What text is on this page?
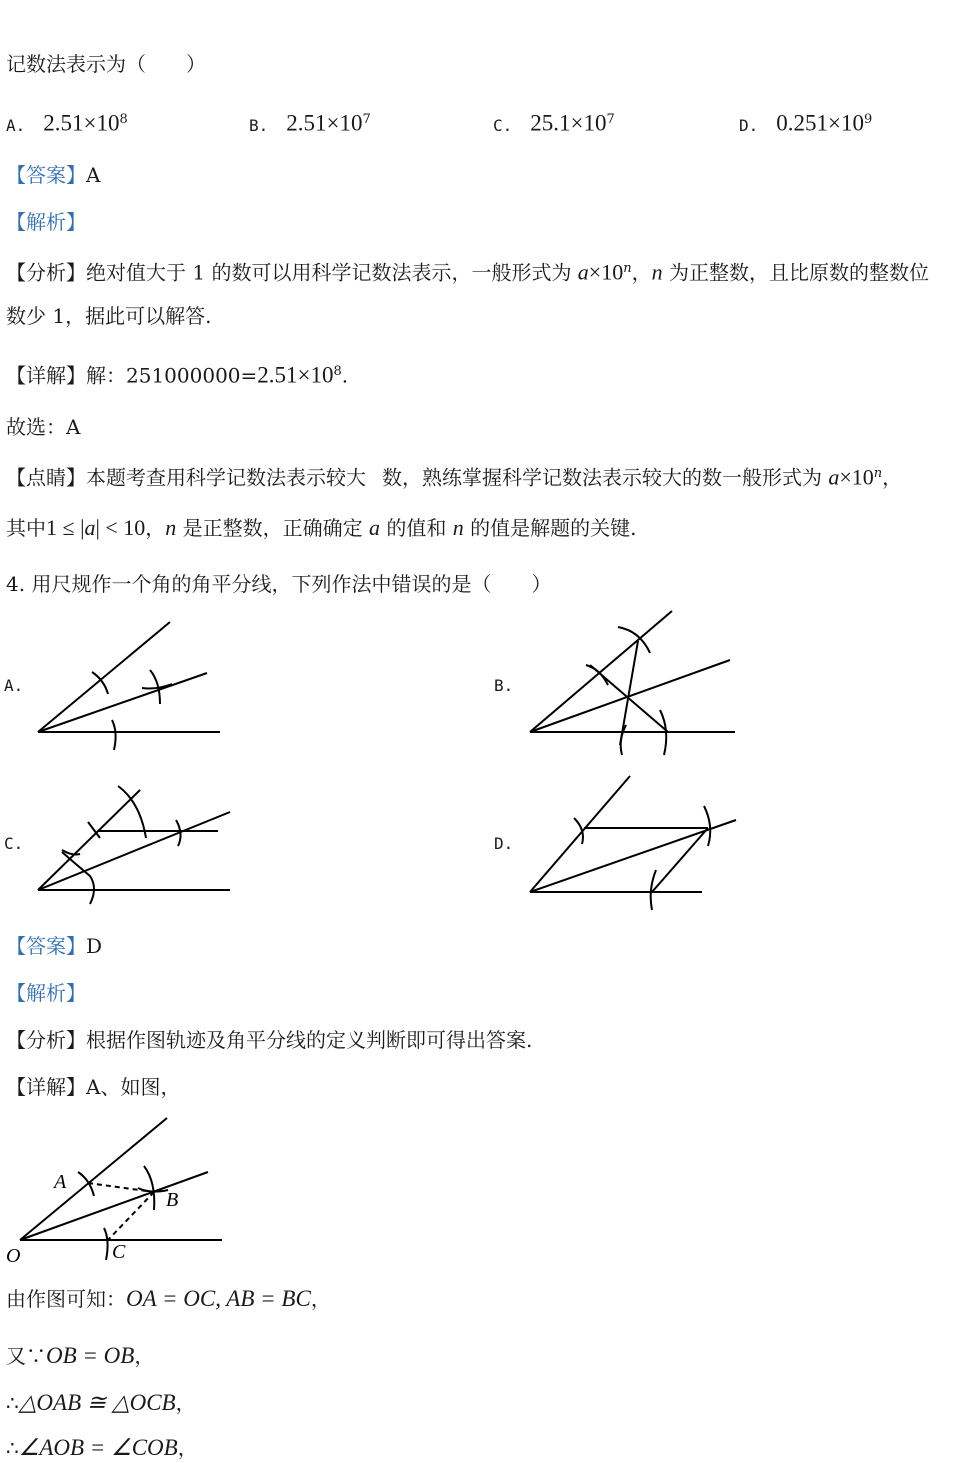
记数法表示为（　　）
A. $2.51\times 10^8$	B. $2.51\times 10^7$	C. $25.1\times 10^7$	D. $0.251\times 10^9$
【答案】A
【解析】
【分析】绝对值大于 1 的数可以用科学记数法表示，一般形式为 $a\times 10^n$，n 为正整数，且比原数的整数位
数少 1，据此可以解答.
【详解】解：$251000000=2.51\times 10^8$.
故选：A
【点睛】本题考查用科学记数法表示较大 数，熟练掌握科学记数法表示较大的数一般形式为 $a\times 10^n$，
其中1 ≤ |a| < 10，n 是正整数，正确确定 a 的值和 n 的值是解题的关键.
4. 用尺规作一个角的角平分线，下列作法中错误的是（　　）
A.	B.
C.	D.
【答案】D
【解析】
【分析】根据作图轨迹及角平分线的定义判断即可得出答案.
【详解】A、如图，
A
B
C
O
由作图可知：OA = OC, AB = BC，
又∵OB = OB，
∴△OAB ≅ △OCB，
∴∠AOB = ∠COB，
